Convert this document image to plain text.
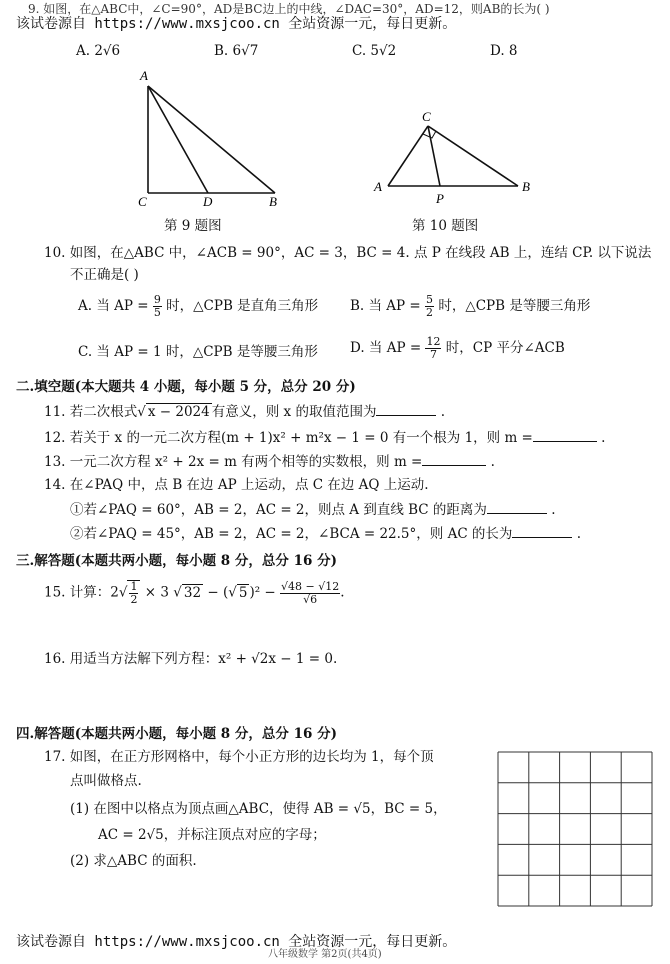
该试卷源自 https://www.mxsjcoo.cn 全站资源一元，每日更新。
9. 如图，在△ABC中，∠C=90°，AD是BC边上的中线，∠DAC=30°，AD=12，则AB的长为( )
A. 2√6	B. 6√7	C. 5√2	D. 8
A
C	D	B
第 9 题图
C
A
P
B
第 10 题图
10. 如图，在△ABC 中，∠ACB = 90°，AC = 3，BC = 4. 点 P 在线段 AB 上，连结 CP. 以下说法
不正确是( )
A. 当 AP = $\frac{9}{5}$ 时，△CPB 是直角三角形 B. 当 AP = $\frac{5}{2}$ 时，△CPB 是等腰三角形
C. 当 AP = 1 时，△CPB 是等腰三角形 D. 当 AP = $\frac{12}{7}$ 时，CP 平分∠ACB
二.填空题(本大题共 4 小题，每小题 5 分，总分 20 分)
11. 若二次根式√ x − 2024 有意义，则 x 的取值范围为	.
12. 若关于 x 的一元二次方程(m + 1)x² + m²x − 1 = 0 有一个根为 1，则 m =	.
13. 一元二次方程 x² + 2x = m 有两个相等的实数根，则 m =	.
14. 在∠PAQ 中，点 B 在边 AP 上运动，点 C 在边 AQ 上运动.
①若∠PAQ = 60°，AB = 2，AC = 2，则点 A 到直线 BC 的距离为	.
②若∠PAQ = 45°，AB = 2，AC = 2，∠BCA = 22.5°，则 AC 的长为	.
三.解答题(本题共两小题，每小题 8 分，总分 16 分)
15. 计算：$2√ \frac{1}{2} \times 3$ √ 32 − (√ 5 )$^2 - \frac{√48 - √12}{√6}$ .
16. 用适当方法解下列方程：x² + √2x − 1 = 0.
四.解答题(本题共两小题，每小题 8 分，总分 16 分)
17. 如图，在正方形网格中，每个小正方形的边长均为 1，每个顶
点叫做格点.
(1) 在图中以格点为顶点画△ABC，使得 AB = √5，BC = 5，
AC = 2√5，并标注顶点对应的字母；
(2) 求△ABC 的面积.
该试卷源自 https://www.mxsjcoo.cn 全站资源一元，每日更新。
八年级数学 第2页(共4页)
